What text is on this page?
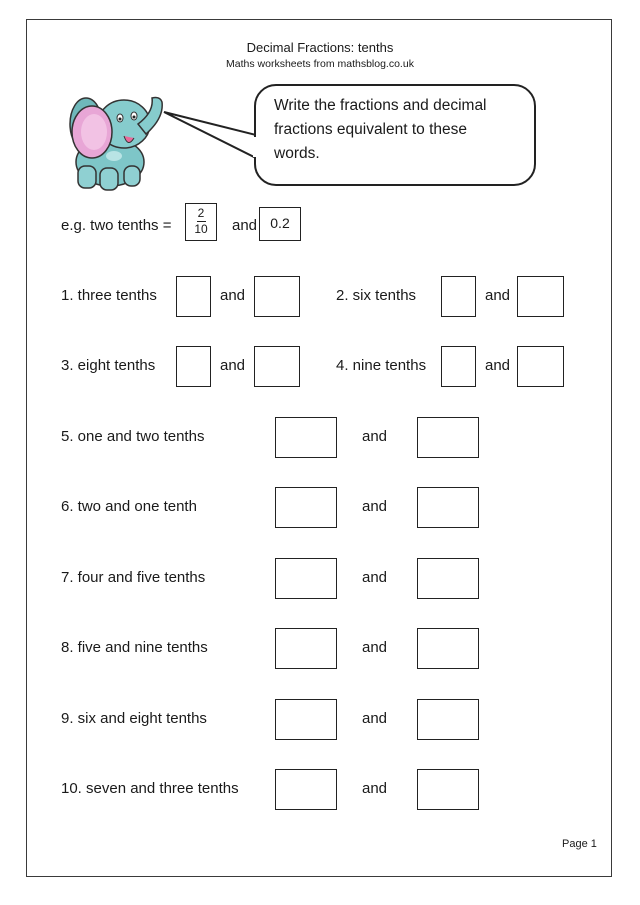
Decimal Fractions: tenths
Maths worksheets from mathsblog.co.uk
Write the fractions and decimal
fractions equivalent to these
words.
e.g. two tenths =
2
10	and 0.2
1. three tenths	and	2. six tenths	and
3. eight tenths	and	4. nine tenths	and
5. one and two tenths	and
6. two and one tenth	and
7. four and five tenths	and
8. five and nine tenths	and
9. six and eight tenths	and
10. seven and three tenths	and
Page 1
